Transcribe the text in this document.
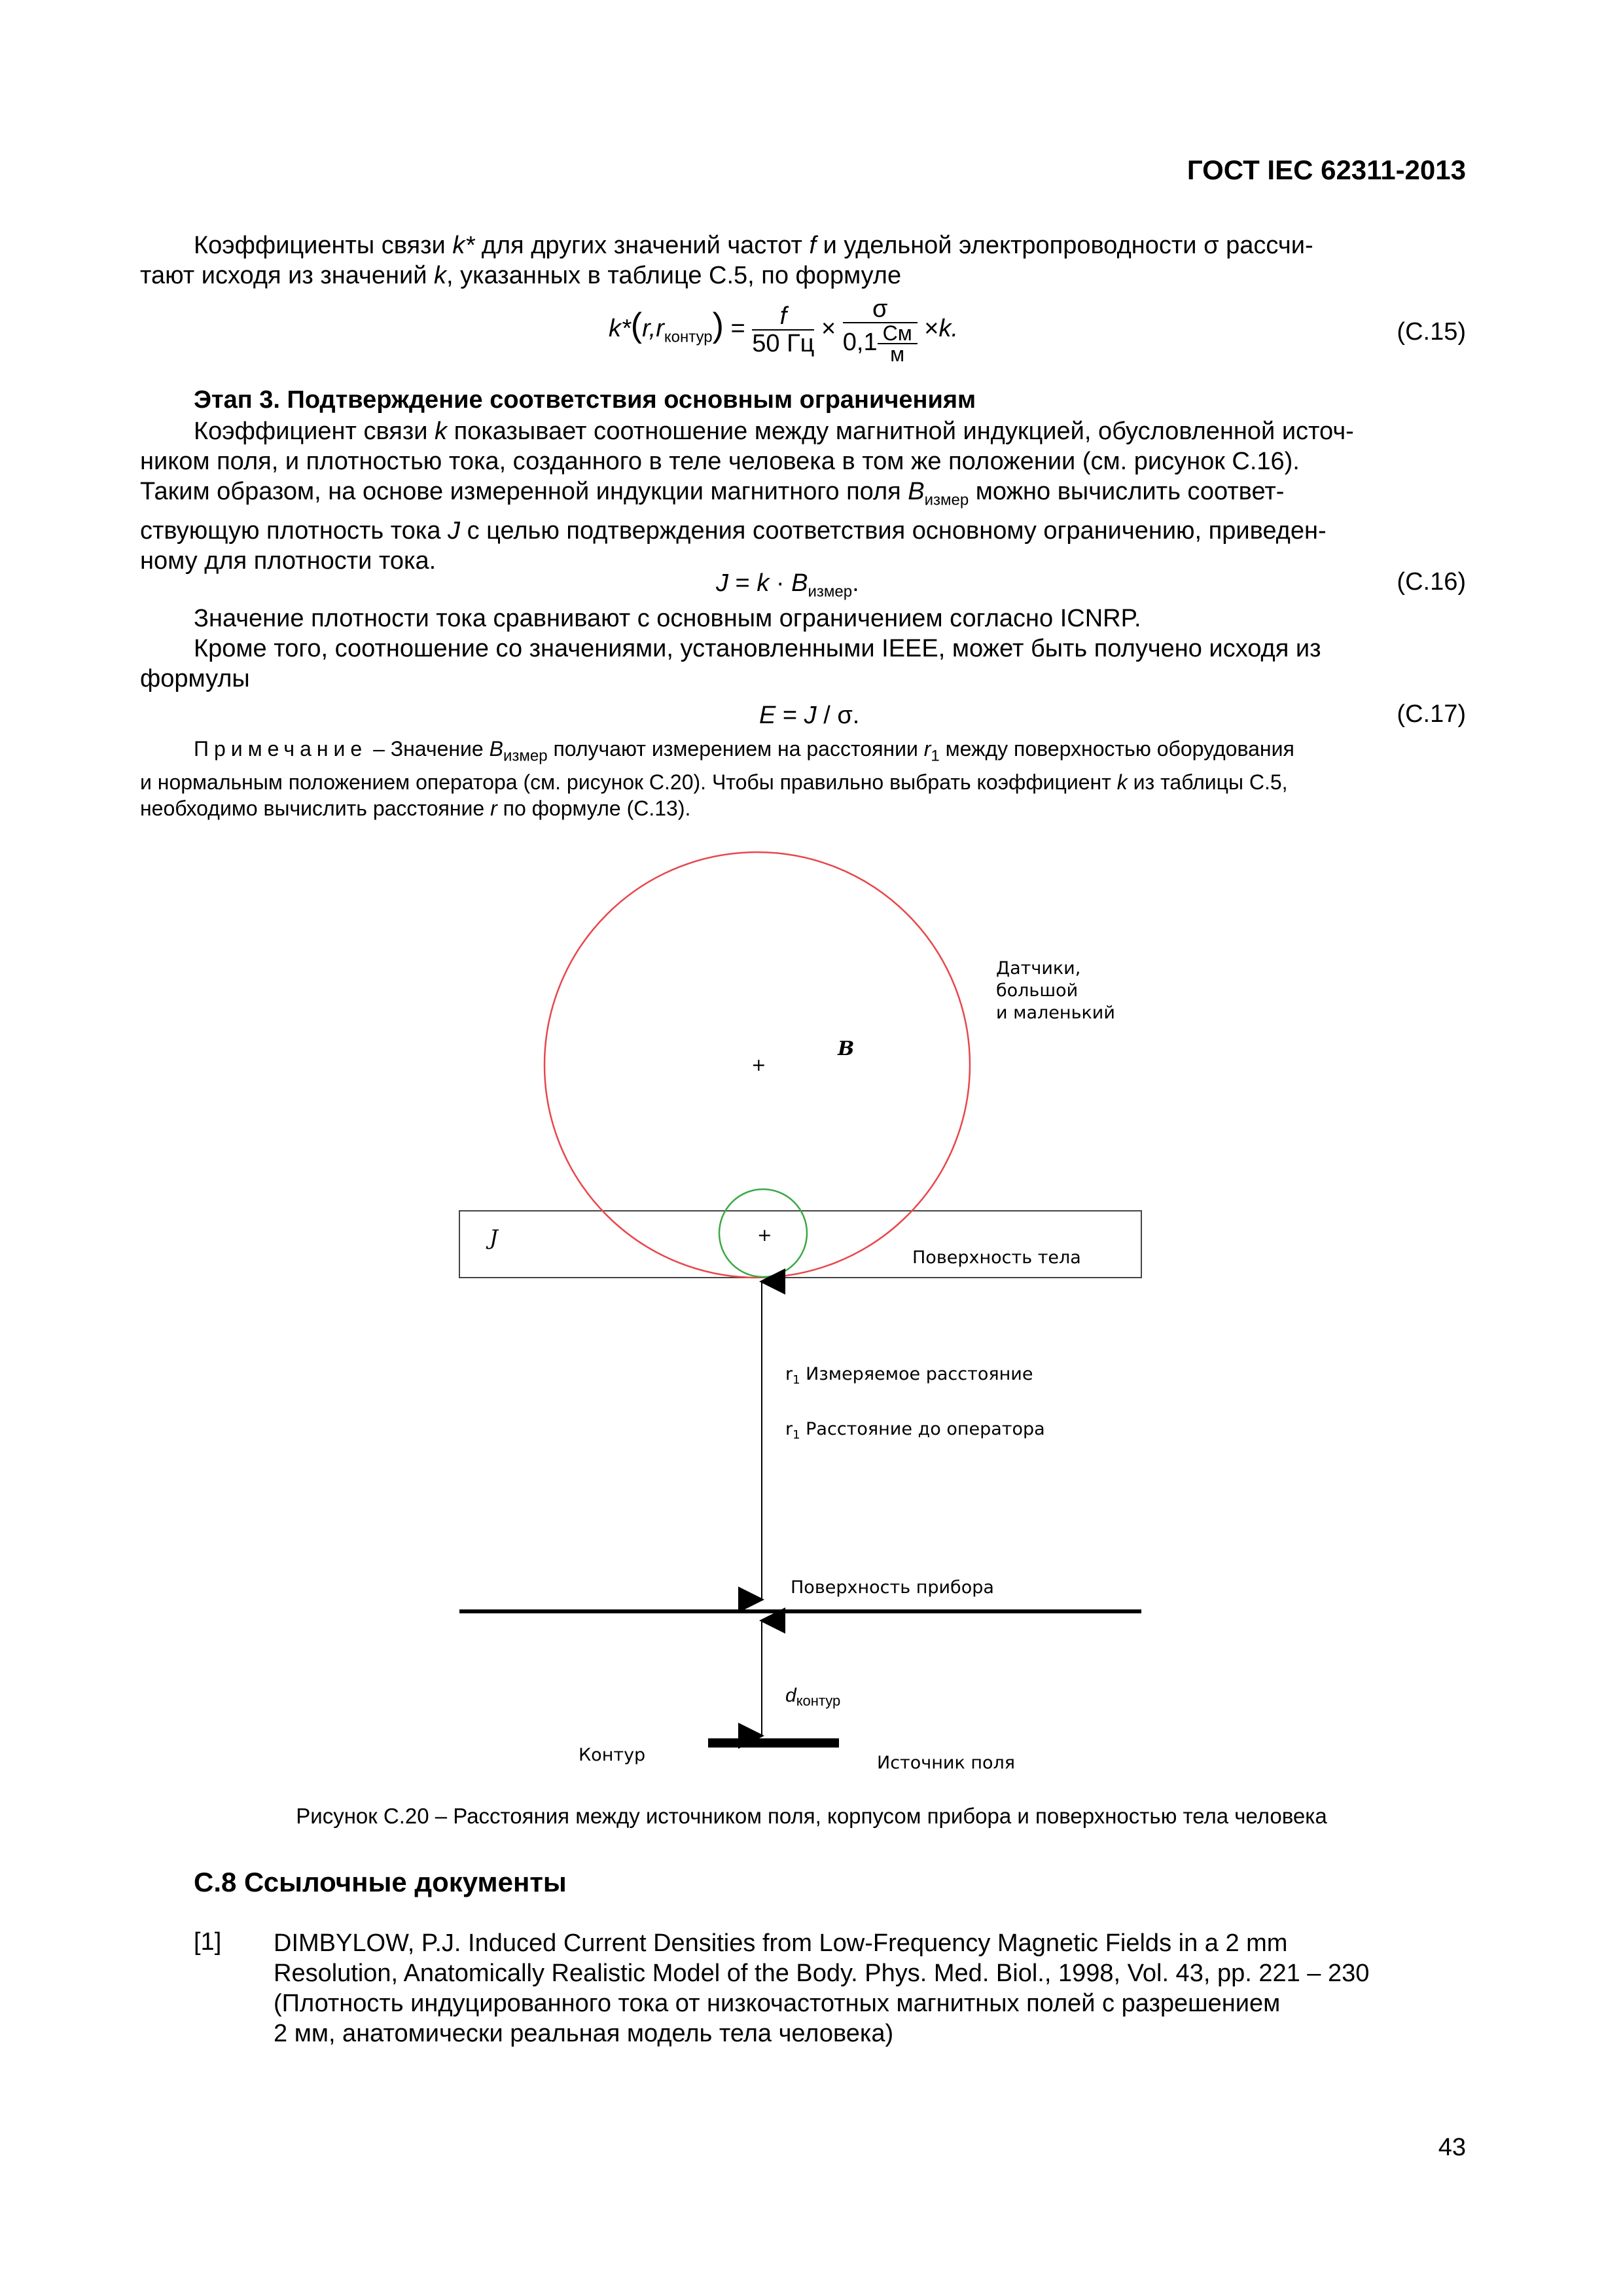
ГОСТ IEC 62311-2013
Коэффициенты связи k* для других значений частот f и удельной электропроводности σ рассчи-
тают исходя из значений k, указанных в таблице С.5, по формуле
$k*(r,r_{контур}) = \frac{f}{50 Гц} \times \frac{\sigma}{0,1 \frac{См}{м}} \times k$.	(С.15)
Этап 3. Подтверждение соответствия основным ограничениям
Коэффициент связи k показывает соотношение между магнитной индукцией, обусловленной источ-
ником поля, и плотностью тока, созданного в теле человека в том же положении (см. рисунок С.16).
Таким образом, на основе измеренной индукции магнитного поля $B_{измер}$ можно вычислить соответ-
ствующую плотность тока J с целью подтверждения соответствия основному ограничению, приведен-
ному для плотности тока.
$J = k \cdot B_{измер}$.	(С.16)
Значение плотности тока сравнивают с основным ограничением согласно ICNRP.
Кроме того, соотношение со значениями, установленными IEEE, может быть получено исходя из
формулы
E = J / σ.	(С.17)
Примечание – Значение $B_{измер}$ получают измерением на расстоянии $r_1$ между поверхностью оборудования
и нормальным положением оператора (см. рисунок С.20). Чтобы правильно выбрать коэффициент k из таблицы С.5,
необходимо вычислить расстояние r по формуле (С.13).
+
+
B
J
Датчики,
большой
и маленький
Поверхность тела
$r_1$ Измеряемое расстояние
$r_1$ Расстояние до оператора
Поверхность прибора
$d_{контур}$
Контур	Источник поля
Рисунок С.20 – Расстояния между источником поля, корпусом прибора и поверхностью тела человека
С.8 Ссылочные документы
[1] DIMBYLOW, P.J. Induced Current Densities from Low-Frequency Magnetic Fields in a 2 mm
Resolution, Anatomically Realistic Model of the Body. Phys. Med. Biol., 1998, Vol. 43, pp. 221 – 230
(Плотность индуцированного тока от низкочастотных магнитных полей с разрешением
2 мм, анатомически реальная модель тела человека)
43
